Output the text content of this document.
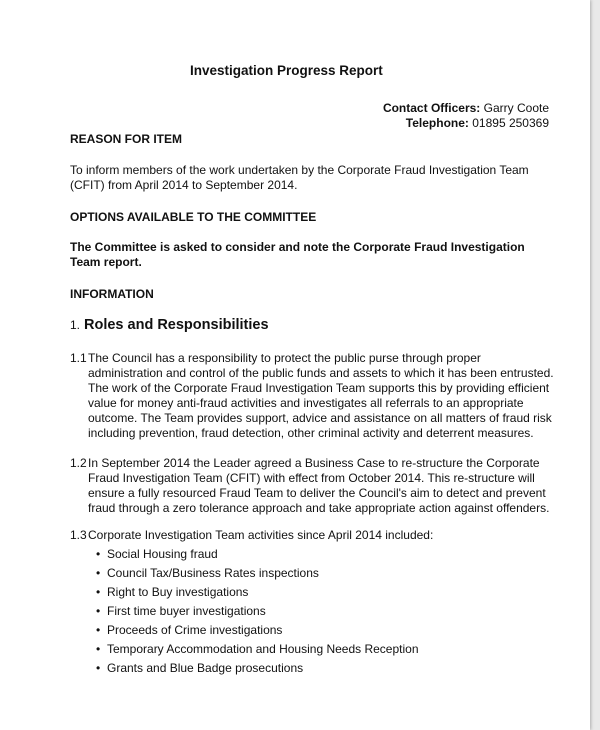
Investigation Progress Report
Contact Officers: Garry Coote
Telephone: 01895 250369
REASON FOR ITEM
To inform members of the work undertaken by the Corporate Fraud Investigation Team (CFIT) from April 2014 to September 2014.
OPTIONS AVAILABLE TO THE COMMITTEE
The Committee is asked to consider and note the Corporate Fraud Investigation Team report.
INFORMATION
1. Roles and Responsibilities
1.1 The Council has a responsibility to protect the public purse through proper administration and control of the public funds and assets to which it has been entrusted. The work of the Corporate Fraud Investigation Team supports this by providing efficient value for money anti-fraud activities and investigates all referrals to an appropriate outcome. The Team provides support, advice and assistance on all matters of fraud risk including prevention, fraud detection, other criminal activity and deterrent measures.
1.2 In September 2014 the Leader agreed a Business Case to re-structure the Corporate Fraud Investigation Team (CFIT) with effect from October 2014. This re-structure will ensure a fully resourced Fraud Team to deliver the Council's aim to detect and prevent fraud through a zero tolerance approach and take appropriate action against offenders.
1.3 Corporate Investigation Team activities since April 2014 included:
• Social Housing fraud
• Council Tax/Business Rates inspections
• Right to Buy investigations
• First time buyer investigations
• Proceeds of Crime investigations
• Temporary Accommodation and Housing Needs Reception
• Grants and Blue Badge prosecutions
